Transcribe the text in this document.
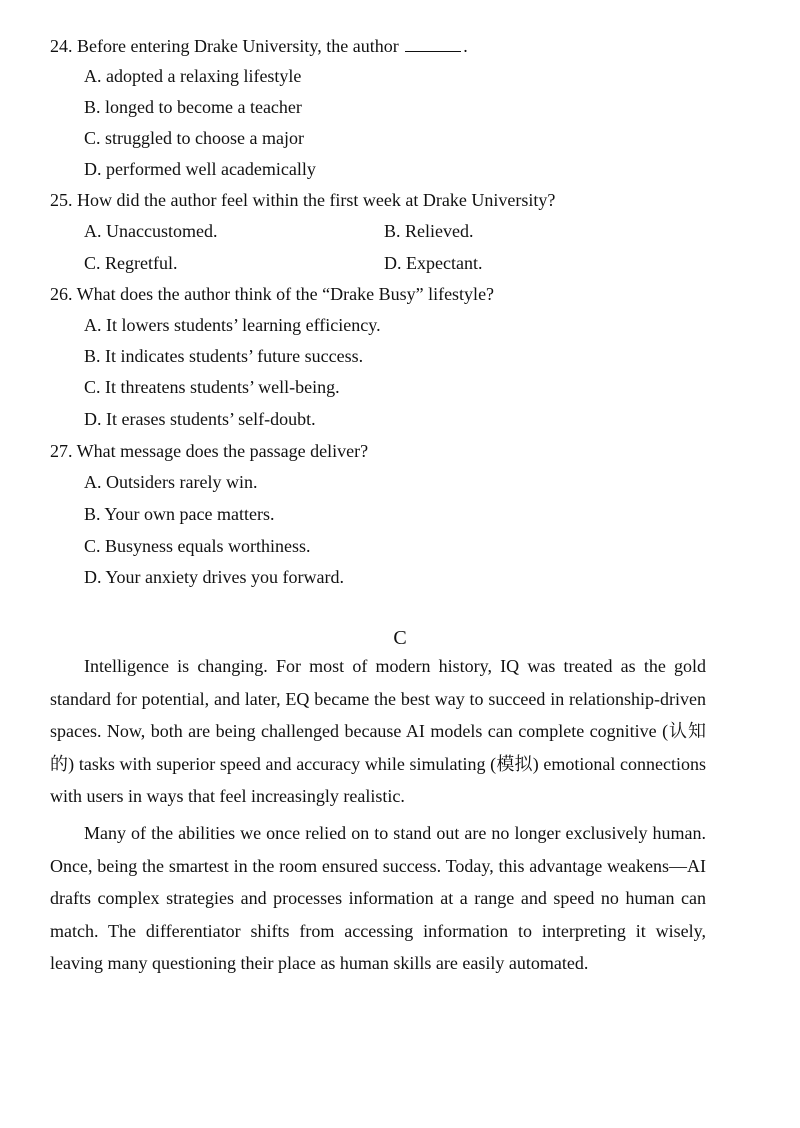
24. Before entering Drake University, the author	.
A. adopted a relaxing lifestyle
B. longed to become a teacher
C. struggled to choose a major
D. performed well academically
25. How did the author feel within the first week at Drake University?
A. Unaccustomed.	B. Relieved.
C. Regretful.	D. Expectant.
26. What does the author think of the “Drake Busy” lifestyle?
A. It lowers students’ learning efficiency.
B. It indicates students’ future success.
C. It threatens students’ well-being.
D. It erases students’ self-doubt.
27. What message does the passage deliver?
A. Outsiders rarely win.
B. Your own pace matters.
C. Busyness equals worthiness.
D. Your anxiety drives you forward.
C
Intelligence is changing. For most of modern history, IQ was treated as the gold standard for potential, and later, EQ became the best way to succeed in relationship-driven spaces. Now, both are being challenged because AI models can complete cognitive (认知的) tasks with superior speed and accuracy while simulating (模拟) emotional connections with users in ways that feel increasingly realistic.
Many of the abilities we once relied on to stand out are no longer exclusively human. Once, being the smartest in the room ensured success. Today, this advantage weakens—AI drafts complex strategies and processes information at a range and speed no human can match. The differentiator shifts from accessing information to interpreting it wisely, leaving many questioning their place as human skills are easily automated.
